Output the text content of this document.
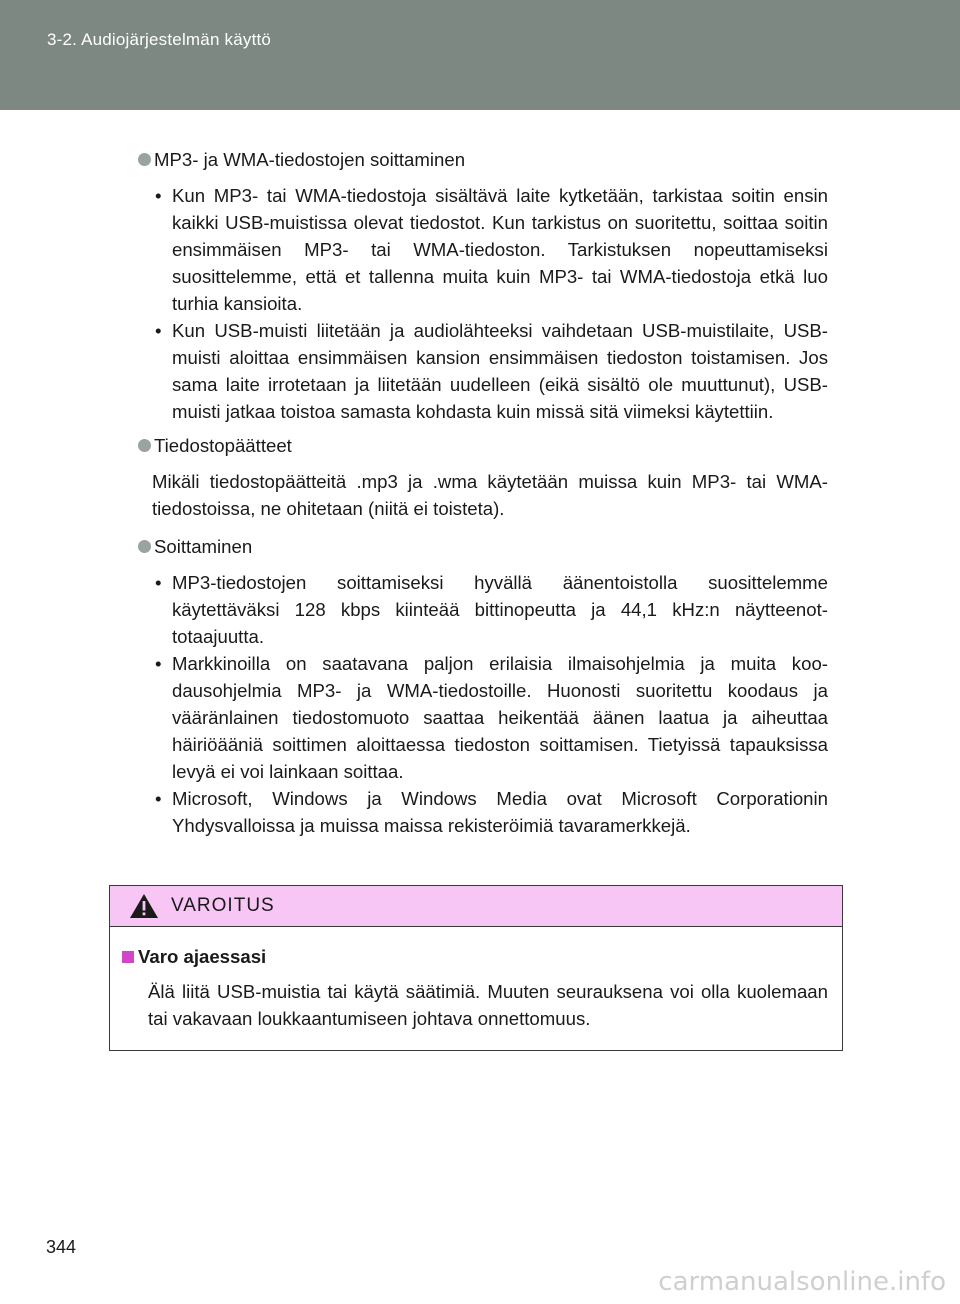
3-2. Audiojärjestelmän käyttö
MP3- ja WMA-tiedostojen soittaminen
• Kun MP3- tai WMA-tiedostoja sisältävä laite kytketään, tarkistaa soitin ensin kaikki USB-muistissa olevat tiedostot. Kun tarkistus on suoritettu, soittaa soitin ensimmäisen MP3- tai WMA-tiedoston. Tarkistuksen nopeuttamiseksi suosittelemme, että et tallenna muita kuin MP3- tai WMA-tiedostoja etkä luo turhia kansioita.
• Kun USB-muisti liitetään ja audiolähteeksi vaihdetaan USB-muistilaite, USB-muisti aloittaa ensimmäisen kansion ensimmäisen tiedoston toistamisen. Jos sama laite irrotetaan ja liitetään uudelleen (eikä sisältö ole muuttunut), USB-muisti jatkaa toistoa samasta kohdasta kuin missä sitä viimeksi käytettiin.
Tiedostopäätteet
Mikäli tiedostopäätteitä .mp3 ja .wma käytetään muissa kuin MP3- tai WMA-tiedostoissa, ne ohitetaan (niitä ei toisteta).
Soittaminen
• MP3-tiedostojen soittamiseksi hyvällä äänentoistolla suosittelemme käytettäväksi 128 kbps kiinteää bittinopeutta ja 44,1 kHz:n näytteenottotaajuutta.
• Markkinoilla on saatavana paljon erilaisia ilmaisohjelmia ja muita koodausohjelmia MP3- ja WMA-tiedostoille. Huonosti suoritettu koodaus ja vääränlainen tiedostomuoto saattaa heikentää äänen laatua ja aiheuttaa häiriöääniä soittimen aloittaessa tiedoston soittamisen. Tietyissä tapauksissa levyä ei voi lainkaan soittaa.
• Microsoft, Windows ja Windows Media ovat Microsoft Corporationin Yhdysvalloissa ja muissa maissa rekisteröimiä tavaramerkkejä.
VAROITUS
Varo ajaessasi
Älä liitä USB-muistia tai käytä säätimiä. Muuten seurauksena voi olla kuolemaan tai vakavaan loukkaantumiseen johtava onnettomuus.
344
carmanualsonline.info
